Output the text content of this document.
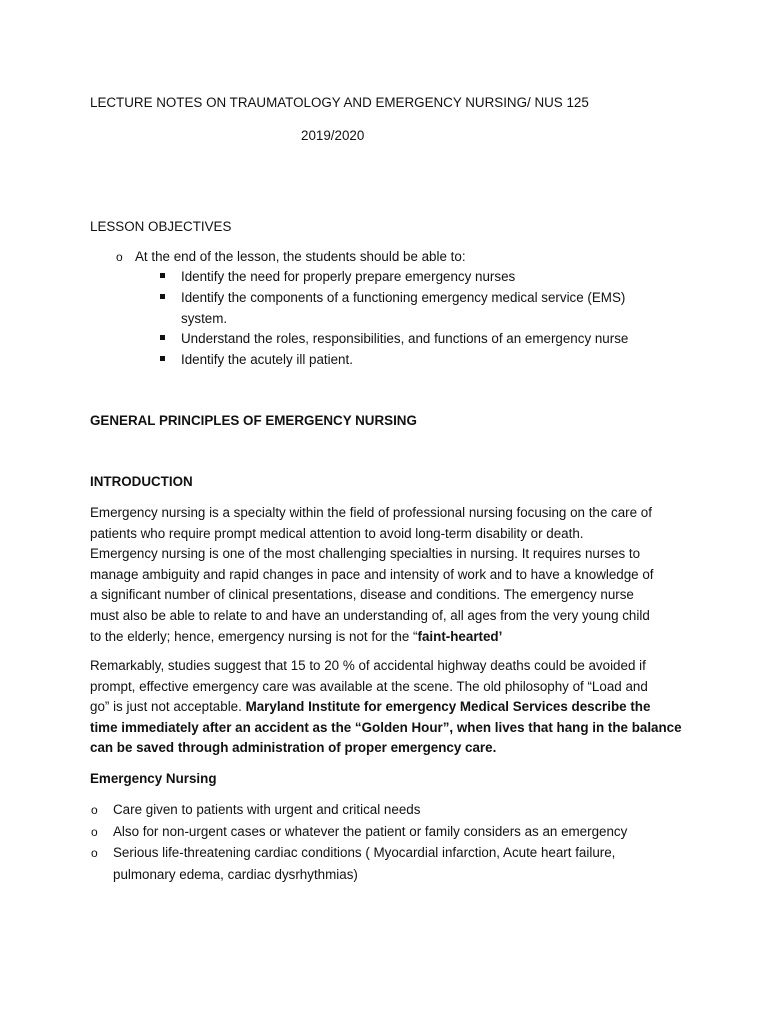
LECTURE NOTES ON TRAUMATOLOGY AND EMERGENCY NURSING/ NUS 125
2019/2020
LESSON OBJECTIVES
o At the end of the lesson, the students should be able to:
Identify the need for properly prepare emergency nurses
Identify the components of a functioning emergency medical service (EMS)
system.
Understand the roles, responsibilities, and functions of an emergency nurse
Identify the acutely ill patient.
GENERAL PRINCIPLES OF EMERGENCY NURSING
INTRODUCTION

Emergency nursing is a specialty within the field of professional nursing focusing on the care of
patients who require prompt medical attention to avoid long-term disability or death.
Emergency nursing is one of the most challenging specialties in nursing. It requires nurses to
manage ambiguity and rapid changes in pace and intensity of work and to have a knowledge of
a significant number of clinical presentations, disease and conditions. The emergency nurse
must also be able to relate to and have an understanding of, all ages from the very young child
to the elderly; hence, emergency nursing is not for the “faint-hearted’

Remarkably, studies suggest that 15 to 20 % of accidental highway deaths could be avoided if
prompt, effective emergency care was available at the scene. The old philosophy of “Load and
go” is just not acceptable. Maryland Institute for emergency Medical Services describe the
time immediately after an accident as the “Golden Hour”, when lives that hang in the balance
can be saved through administration of proper emergency care.

Emergency Nursing
o Care given to patients with urgent and critical needs
o Also for non-urgent cases or whatever the patient or family considers as an emergency
o Serious life-threatening cardiac conditions ( Myocardial infarction, Acute heart failure,
pulmonary edema, cardiac dysrhythmias)
